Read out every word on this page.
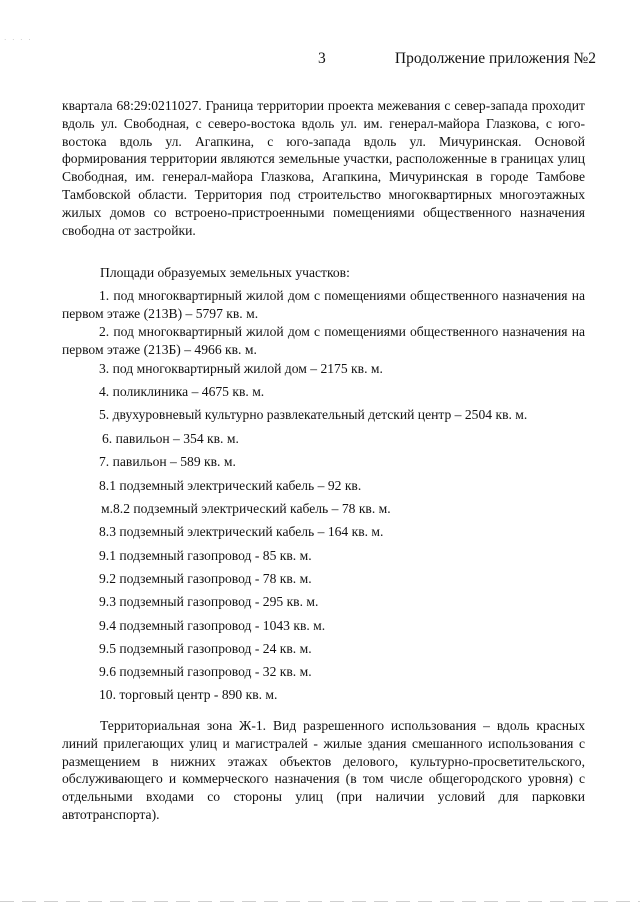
· · · ·
3	Продолжение приложения №2

квартала 68:29:0211027. Граница территории проекта межевания с север-запада проходит вдоль ул. Свободная, с северо-востока вдоль ул. им. генерал-майора Глазкова, с юго-востока вдоль ул. Агапкина, с юго-запада вдоль ул. Мичуринская. Основой формирования территории являются земельные участки, расположенные в границах улиц Свободная, им. генерал-майора Глазкова, Агапкина, Мичуринская в городе Тамбове Тамбовской области. Территория под строительство многоквартирных многоэтажных жилых домов со встроено-пристроенными помещениями общественного назначения свободна от застройки.

Площади образуемых земельных участков:

1. под многоквартирный жилой дом с помещениями общественного назначения на первом этаже (213В) – 5797 кв. м.

2. под многоквартирный жилой дом с помещениями общественного назначения на первом этаже (213Б) – 4966 кв. м.

3. под многоквартирный жилой дом – 2175 кв. м.

4. поликлиника – 4675 кв. м.

5. двухуровневый культурно развлекательный детский центр – 2504 кв. м.

6. павильон – 354 кв. м.

7. павильон – 589 кв. м.

8.1 подземный электрический кабель – 92 кв.

м.8.2 подземный электрический кабель – 78 кв. м.

8.3 подземный электрический кабель – 164 кв. м.

9.1 подземный газопровод - 85 кв. м.

9.2 подземный газопровод - 78 кв. м.

9.3 подземный газопровод - 295 кв. м.

9.4 подземный газопровод - 1043 кв. м.

9.5 подземный газопровод - 24 кв. м.

9.6 подземный газопровод - 32 кв. м.

10. торговый центр - 890 кв. м.

Территориальная зона Ж-1. Вид разрешенного использования – вдоль красных линий прилегающих улиц и магистралей - жилые здания смешанного использования с размещением в нижних этажах объектов делового, культурно-просветительского, обслуживающего и коммерческого назначения (в том числе общегородского уровня) с отдельными входами со стороны улиц (при наличии условий для парковки автотранспорта).
